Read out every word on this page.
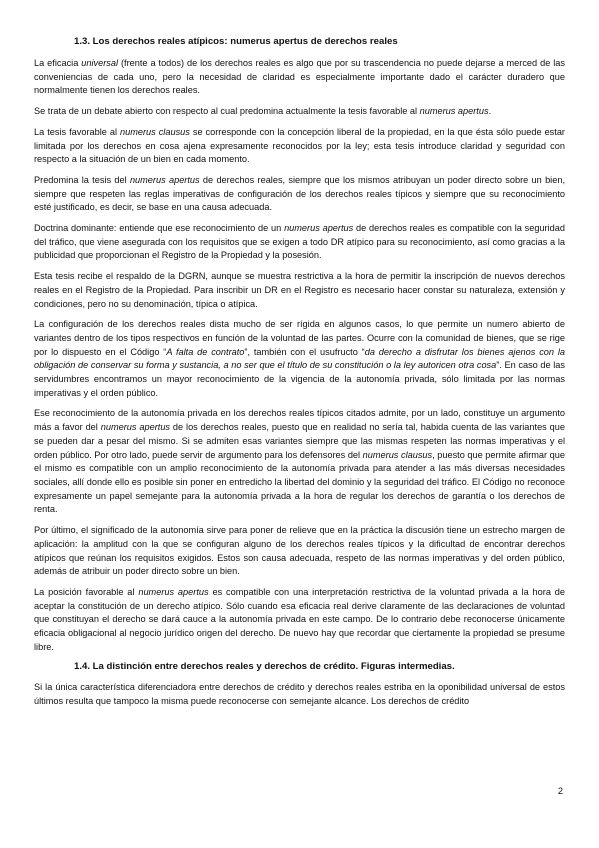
1.3. Los derechos reales atípicos: numerus apertus de derechos reales

La eficacia universal (frente a todos) de los derechos reales es algo que por su trascendencia no puede dejarse a merced de las conveniencias de cada uno, pero la necesidad de claridad es especialmente importante dado el carácter duradero que normalmente tienen los derechos reales.

Se trata de un debate abierto con respecto al cual predomina actualmente la tesis favorable al numerus apertus.

La tesis favorable al numerus clausus se corresponde con la concepción liberal de la propiedad, en la que ésta sólo puede estar limitada por los derechos en cosa ajena expresamente reconocidos por la ley; esta tesis introduce claridad y seguridad con respecto a la situación de un bien en cada momento.

Predomina la tesis del numerus apertus de derechos reales, siempre que los mismos atribuyan un poder directo sobre un bien, siempre que respeten las reglas imperativas de configuración de los derechos reales típicos y siempre que su reconocimiento esté justificado, es decir, se base en una causa adecuada.

Doctrina dominante: entiende que ese reconocimiento de un numerus apertus de derechos reales es compatible con la seguridad del tráfico, que viene asegurada con los requisitos que se exigen a todo DR atípico para su reconocimiento, así como gracias a la publicidad que proporcionan el Registro de la Propiedad y la posesión.

Esta tesis recibe el respaldo de la DGRN, aunque se muestra restrictiva a la hora de permitir la inscripción de nuevos derechos reales en el Registro de la Propiedad. Para inscribir un DR en el Registro es necesario hacer constar su naturaleza, extensión y condiciones, pero no su denominación, típica o atípica.

La configuración de los derechos reales dista mucho de ser rígida en algunos casos, lo que permite un numero abierto de variantes dentro de los tipos respectivos en función de la voluntad de las partes. Ocurre con la comunidad de bienes, que se rige por lo dispuesto en el Código “A falta de contrato”, también con el usufructo “da derecho a disfrutar los bienes ajenos con la obligación de conservar su forma y sustancia, a no ser que el título de su constitución o la ley autoricen otra cosa”. En caso de las servidumbres encontramos un mayor reconocimiento de la vigencia de la autonomía privada, sólo limitada por las normas imperativas y el orden público.

Ese reconocimiento de la autonomía privada en los derechos reales típicos citados admite, por un lado, constituye un argumento más a favor del numerus apertus de los derechos reales, puesto que en realidad no sería tal, habida cuenta de las variantes que se pueden dar a pesar del mismo. Si se admiten esas variantes siempre que las mismas respeten las normas imperativas y el orden público. Por otro lado, puede servir de argumento para los defensores del numerus clausus, puesto que permite afirmar que el mismo es compatible con un amplio reconocimiento de la autonomía privada para atender a las más diversas necesidades sociales, allí donde ello es posible sin poner en entredicho la libertad del dominio y la seguridad del tráfico. El Código no reconoce expresamente un papel semejante para la autonomía privada a la hora de regular los derechos de garantía o los derechos de renta.

Por último, el significado de la autonomía sirve para poner de relieve que en la práctica la discusión tiene un estrecho margen de aplicación: la amplitud con la que se configuran alguno de los derechos reales típicos y la dificultad de encontrar derechos atípicos que reúnan los requisitos exigidos. Estos son causa adecuada, respeto de las normas imperativas y del orden público, además de atribuir un poder directo sobre un bien.

La posición favorable al numerus apertus es compatible con una interpretación restrictiva de la voluntad privada a la hora de aceptar la constitución de un derecho atípico. Sólo cuando esa eficacia real derive claramente de las declaraciones de voluntad que constituyan el derecho se dará cauce a la autonomía privada en este campo. De lo contrario debe reconocerse únicamente eficacia obligacional al negocio jurídico origen del derecho. De nuevo hay que recordar que ciertamente la propiedad se presume libre.

1.4. La distinción entre derechos reales y derechos de crédito. Figuras intermedias.

Si la única característica diferenciadora entre derechos de crédito y derechos reales estriba en la oponibilidad universal de estos últimos resulta que tampoco la misma puede reconocerse con semejante alcance. Los derechos de crédito

2
